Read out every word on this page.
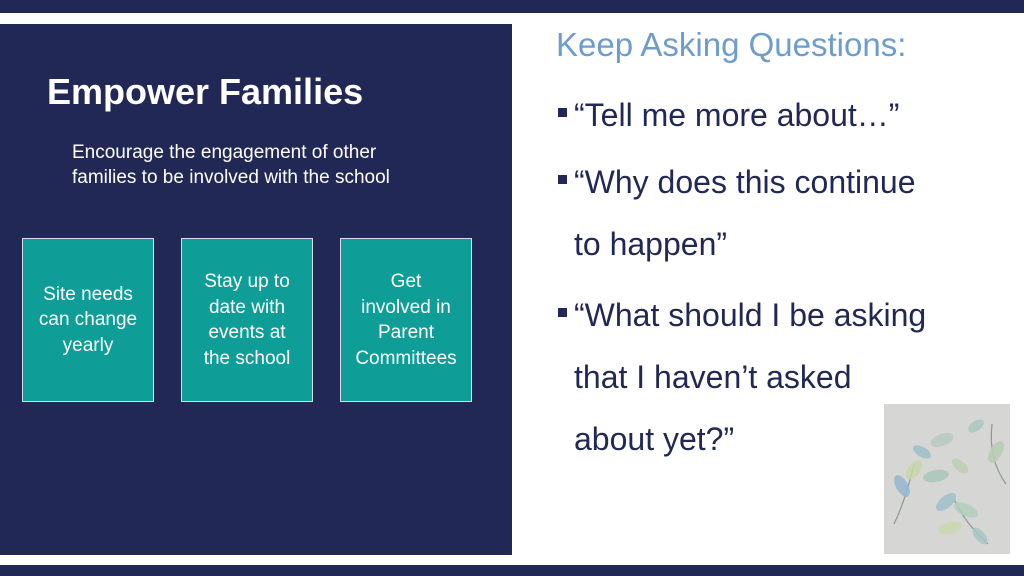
Empower Families
Encourage the engagement of other
families to be involved with the school
Site needs
can change
yearly
Stay up to
date with
events at
the school
Get
involved in
Parent
Committees
Keep Asking Questions:
“Tell me more about…”
“Why does this continue
to happen”
“What should I be asking
that I haven’t asked
about yet?”
